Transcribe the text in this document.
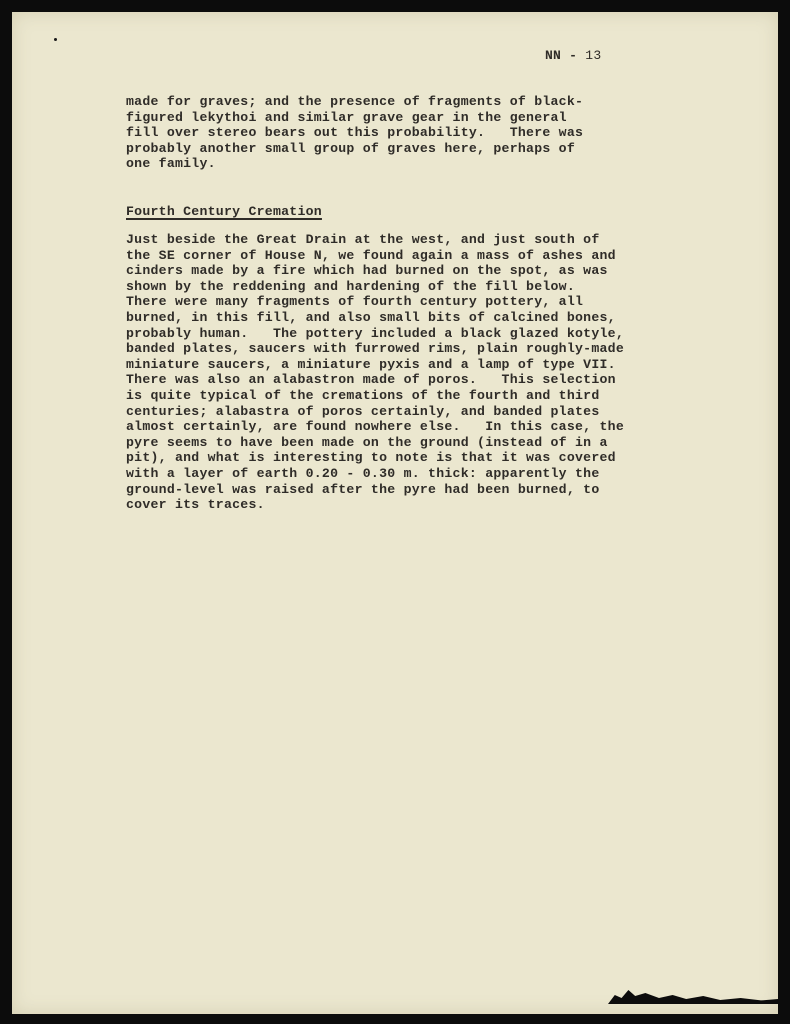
NN - 13

made for graves; and the presence of fragments of black-
figured lekythoi and similar grave gear in the general
fill over stereo bears out this probability.   There was
probably another small group of graves here, perhaps of
one family.

Fourth Century Cremation

Just beside the Great Drain at the west, and just south of
the SE corner of House N, we found again a mass of ashes and
cinders made by a fire which had burned on the spot, as was
shown by the reddening and hardening of the fill below.
There were many fragments of fourth century pottery, all
burned, in this fill, and also small bits of calcined bones,
probably human.   The pottery included a black glazed kotyle,
banded plates, saucers with furrowed rims, plain roughly-made
miniature saucers, a miniature pyxis and a lamp of type VII.
There was also an alabastron made of poros.   This selection
is quite typical of the cremations of the fourth and third
centuries; alabastra of poros certainly, and banded plates
almost certainly, are found nowhere else.   In this case, the
pyre seems to have been made on the ground (instead of in a
pit), and what is interesting to note is that it was covered
with a layer of earth 0.20 - 0.30 m. thick: apparently the
ground-level was raised after the pyre had been burned, to
cover its traces.
